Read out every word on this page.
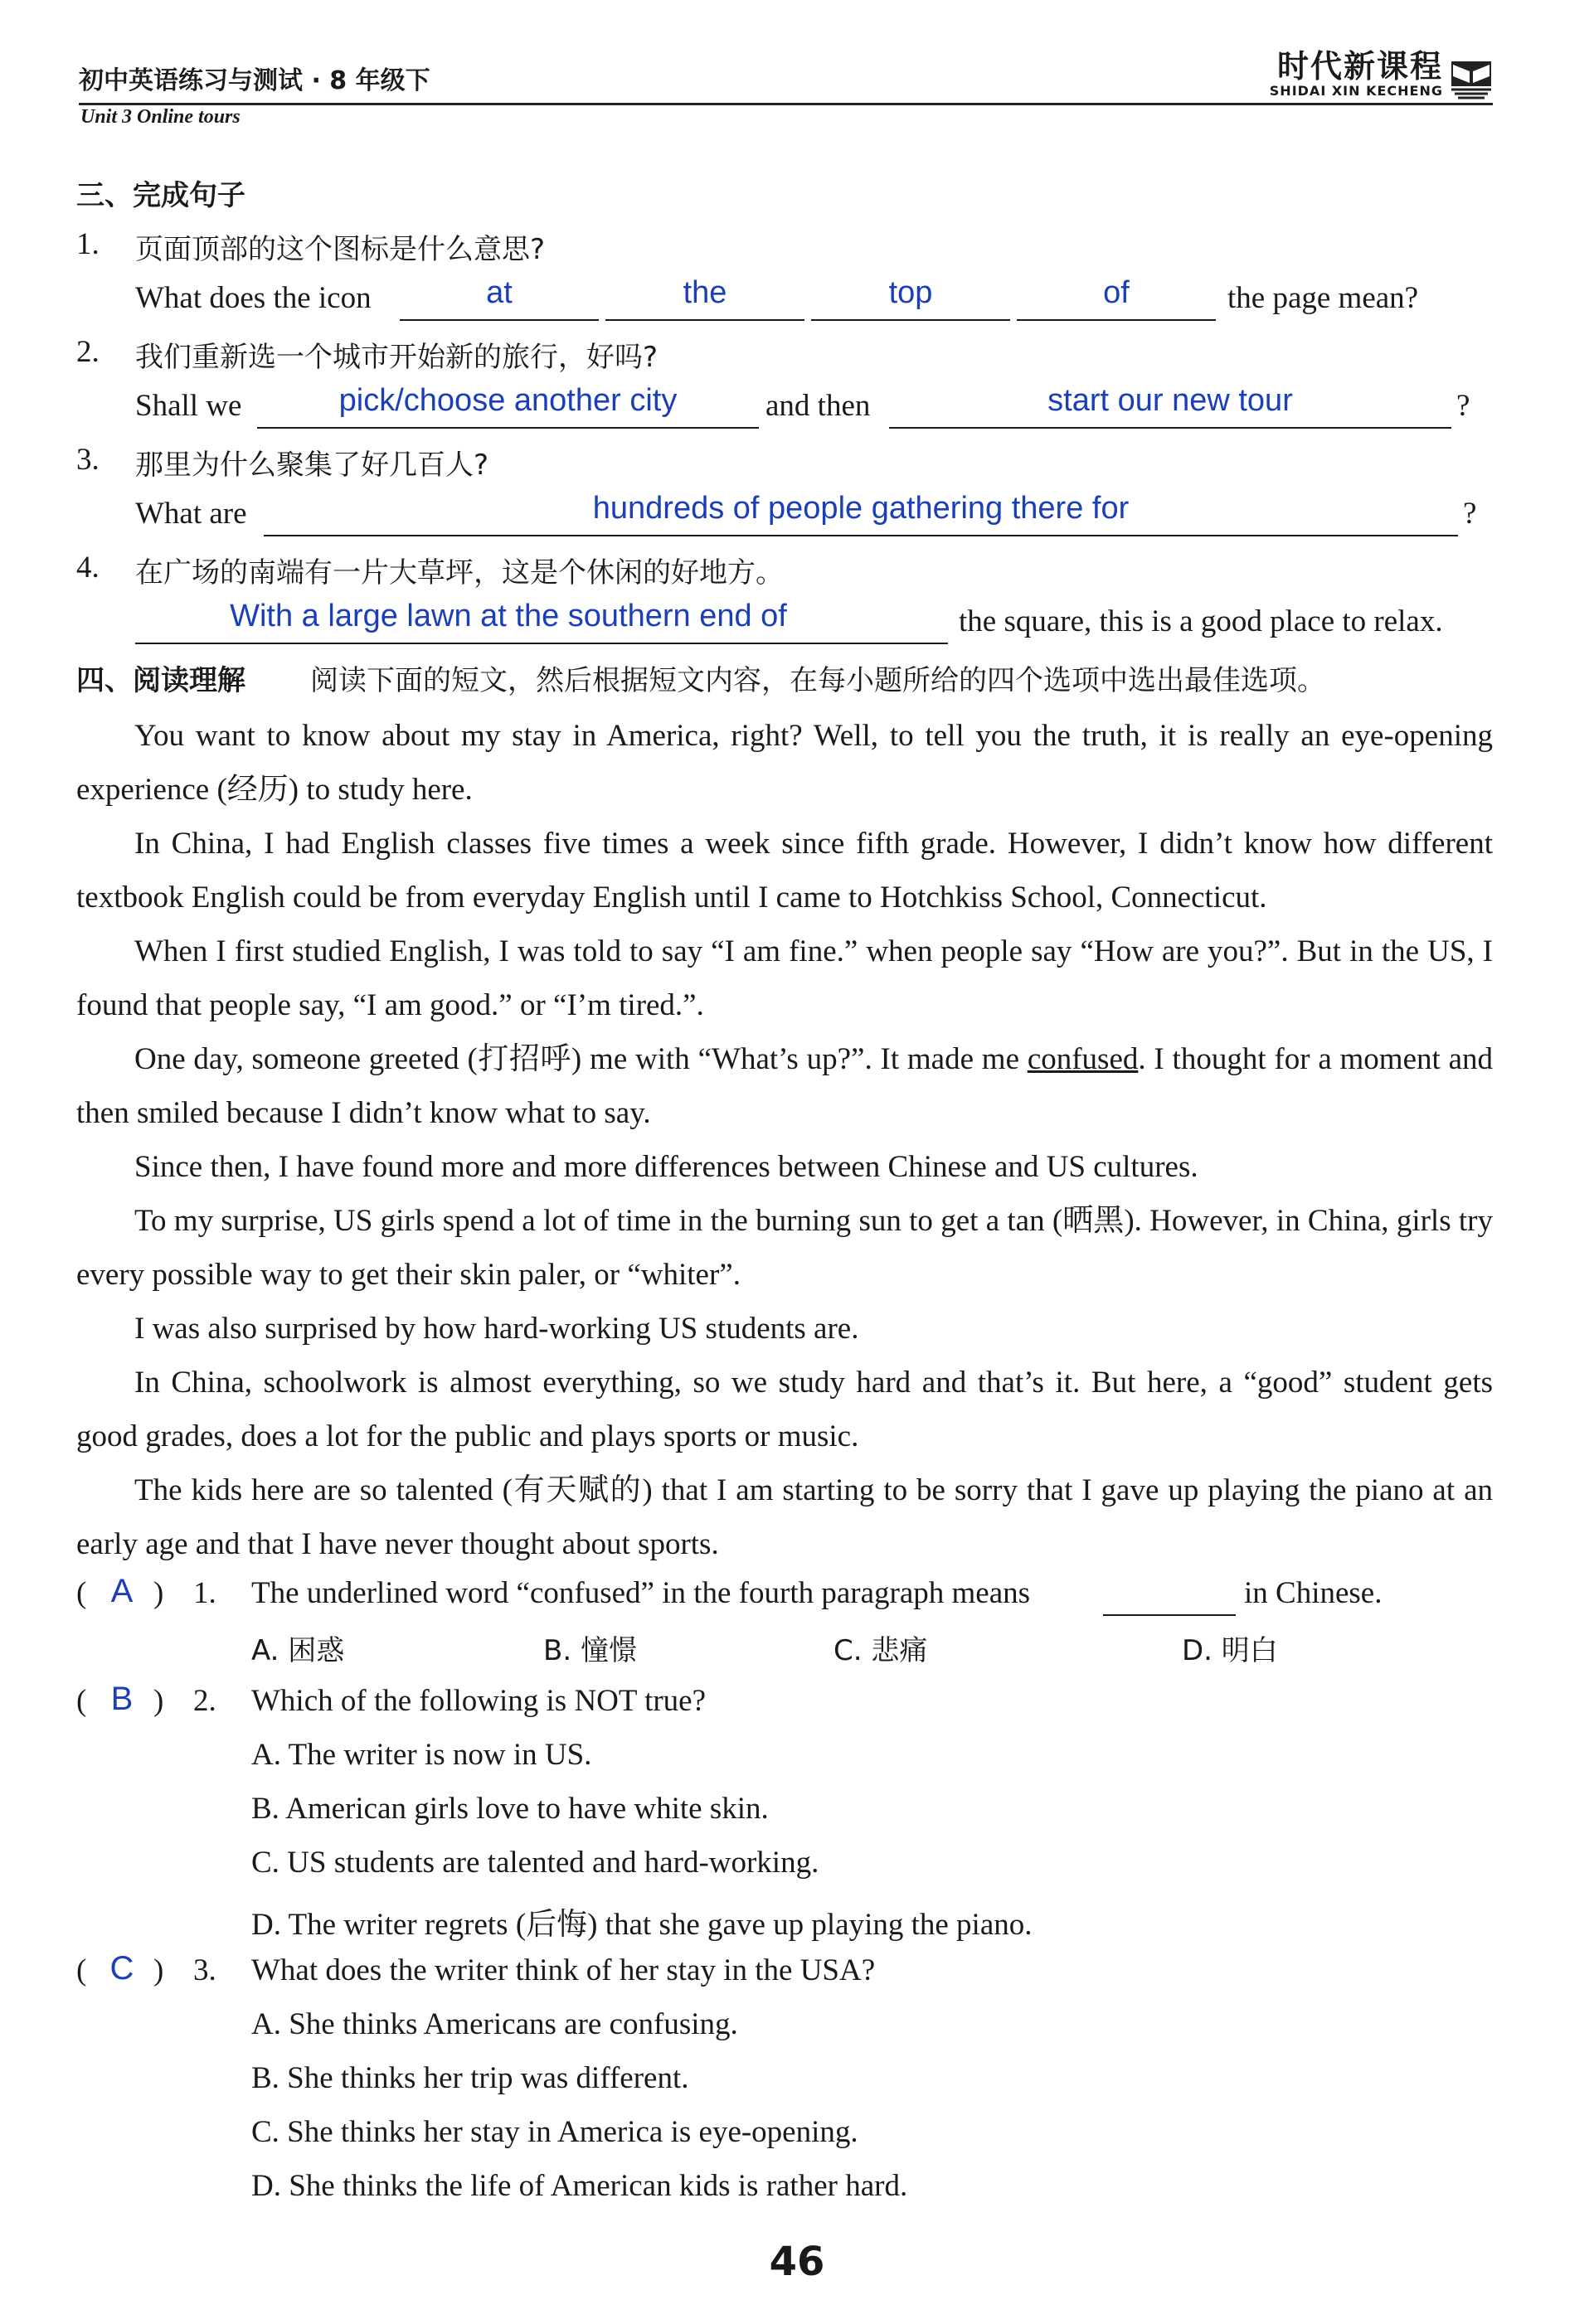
初中英语练习与测试 · 8 年级下
Unit 3 Online tours
时代新课程
SHIDAI XIN KECHENG
三、完成句子
1. 页面顶部的这个图标是什么意思?
What does the icon	at	the	top	of	the page mean?
2. 我们重新选一个城市开始新的旅行，好吗?
Shall we	pick/choose another city	and then	start our new tour	?
3. 那里为什么聚集了好几百人?
What are	hundreds of people gathering there for	?
4. 在广场的南端有一片大草坪，这是个休闲的好地方。
With a large lawn at the southern end of	the square, this is a good place to relax.
四、阅读理解 阅读下面的短文，然后根据短文内容，在每小题所给的四个选项中选出最佳选项。
You want to know about my stay in America, right? Well, to tell you the truth, it is really an eye-opening experience (经历) to study here.
In China, I had English classes five times a week since fifth grade. However, I didn’t know how different textbook English could be from everyday English until I came to Hotchkiss School, Connecticut.
When I first studied English, I was told to say “I am fine.” when people say “How are you?”. But in the US, I found that people say, “I am good.” or “I’m tired.”.
One day, someone greeted (打招呼) me with “What’s up?”. It made me confused. I thought for a moment and then smiled because I didn’t know what to say.
Since then, I have found more and more differences between Chinese and US cultures.
To my surprise, US girls spend a lot of time in the burning sun to get a tan (晒黑). However, in China, girls try every possible way to get their skin paler, or “whiter”.
I was also surprised by how hard-working US students are.
In China, schoolwork is almost everything, so we study hard and that’s it. But here, a “good” student gets good grades, does a lot for the public and plays sports or music.
The kids here are so talented (有天赋的) that I am starting to be sorry that I gave up playing the piano at an early age and that I have never thought about sports.
( A ) 1. The underlined word “confused” in the fourth paragraph means	in Chinese.
A. 困惑	B. 憧憬	C. 悲痛	D. 明白
( B ) 2. Which of the following is NOT true?
A. The writer is now in US.
B. American girls love to have white skin.
C. US students are talented and hard-working.
D. The writer regrets (后悔) that she gave up playing the piano.
( C ) 3. What does the writer think of her stay in the USA?
A. She thinks Americans are confusing.
B. She thinks her trip was different.
C. She thinks her stay in America is eye-opening.
D. She thinks the life of American kids is rather hard.
46
